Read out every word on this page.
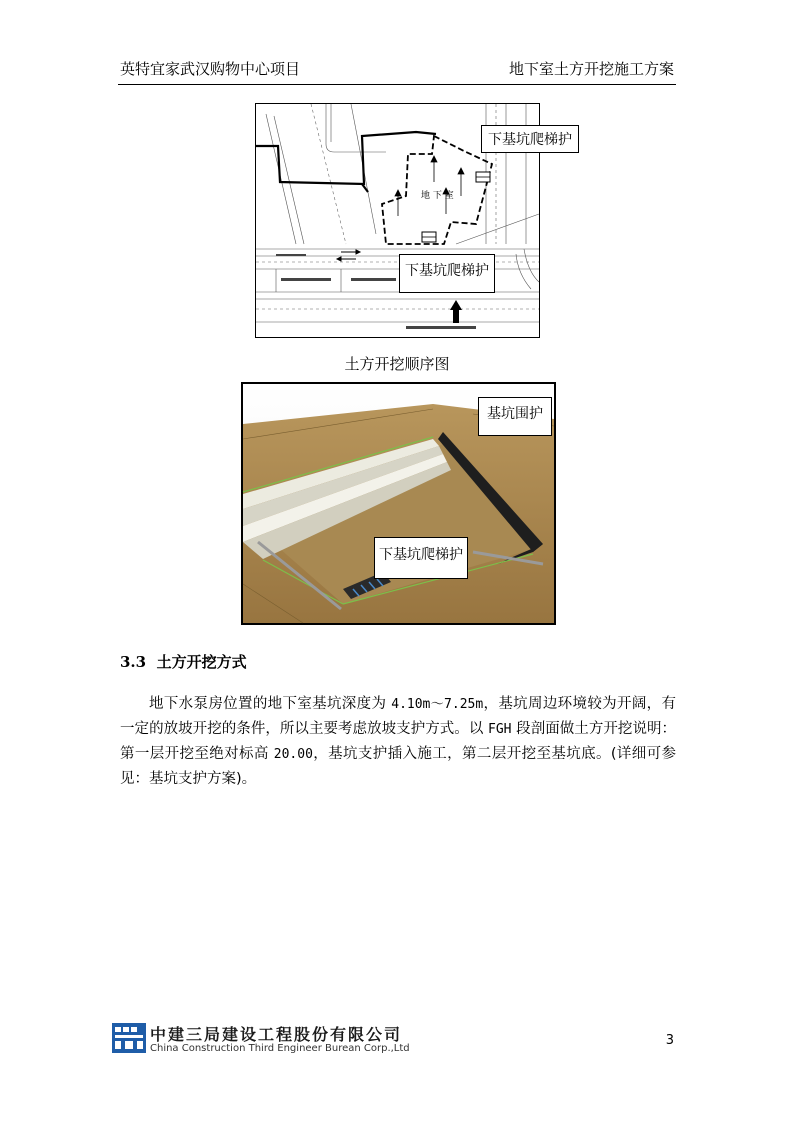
英特宜家武汉购物中心项目	地下室土方开挖施工方案
地 下 室
下基坑爬梯护
下基坑爬梯护
土方开挖顺序图
基坑围护
下基坑爬梯护
3.3 土方开挖方式
地下水泵房位置的地下室基坑深度为 4.10m～7.25m，基坑周边环境较为开阔，有一定的放坡开挖的条件，所以主要考虑放坡支护方式。以 FGH 段剖面做土方开挖说明：第一层开挖至绝对标高 20.00，基坑支护插入施工，第二层开挖至基坑底。(详细可参见：基坑支护方案)。
中建三局建设工程股份有限公司
China Construction Third Engineer Burean Corp.,Ltd
3
